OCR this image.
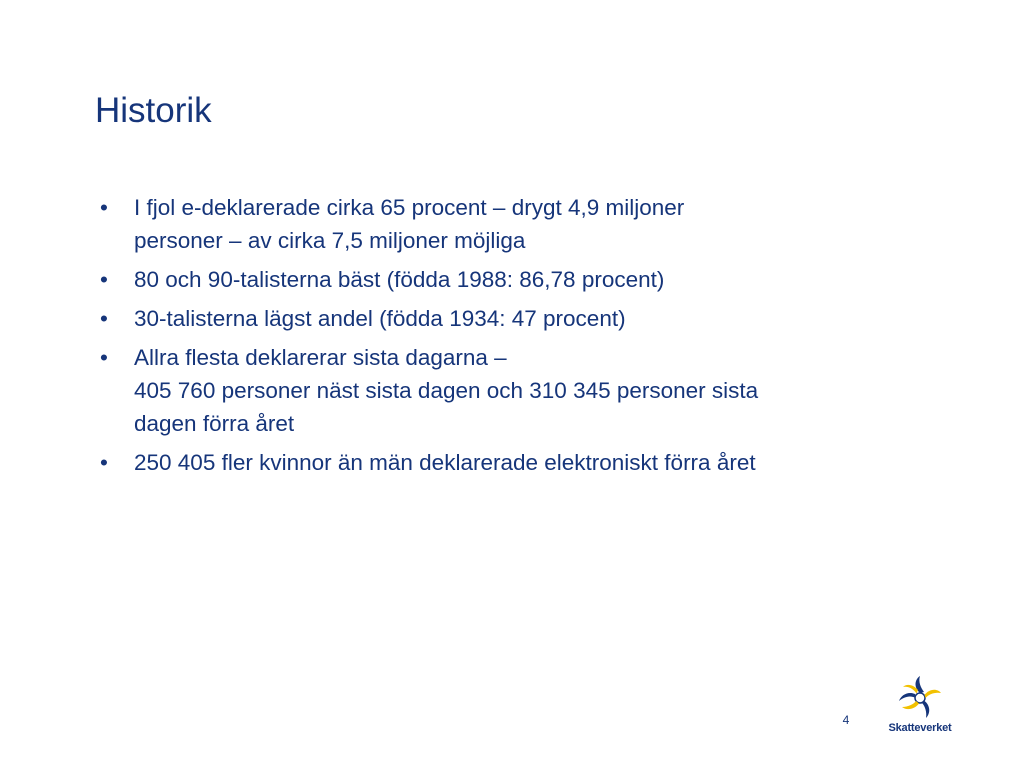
Historik
• I fjol e-deklarerade cirka 65 procent – drygt 4,9 miljoner
personer – av cirka 7,5 miljoner möjliga
• 80 och 90-talisterna bäst (födda 1988: 86,78 procent)
• 30-talisterna lägst andel (födda 1934: 47 procent)
• Allra flesta deklarerar sista dagarna –
405 760 personer näst sista dagen och 310 345 personer sista
dagen förra året
• 250 405 fler kvinnor än män deklarerade elektroniskt förra året
4
Skatteverket
